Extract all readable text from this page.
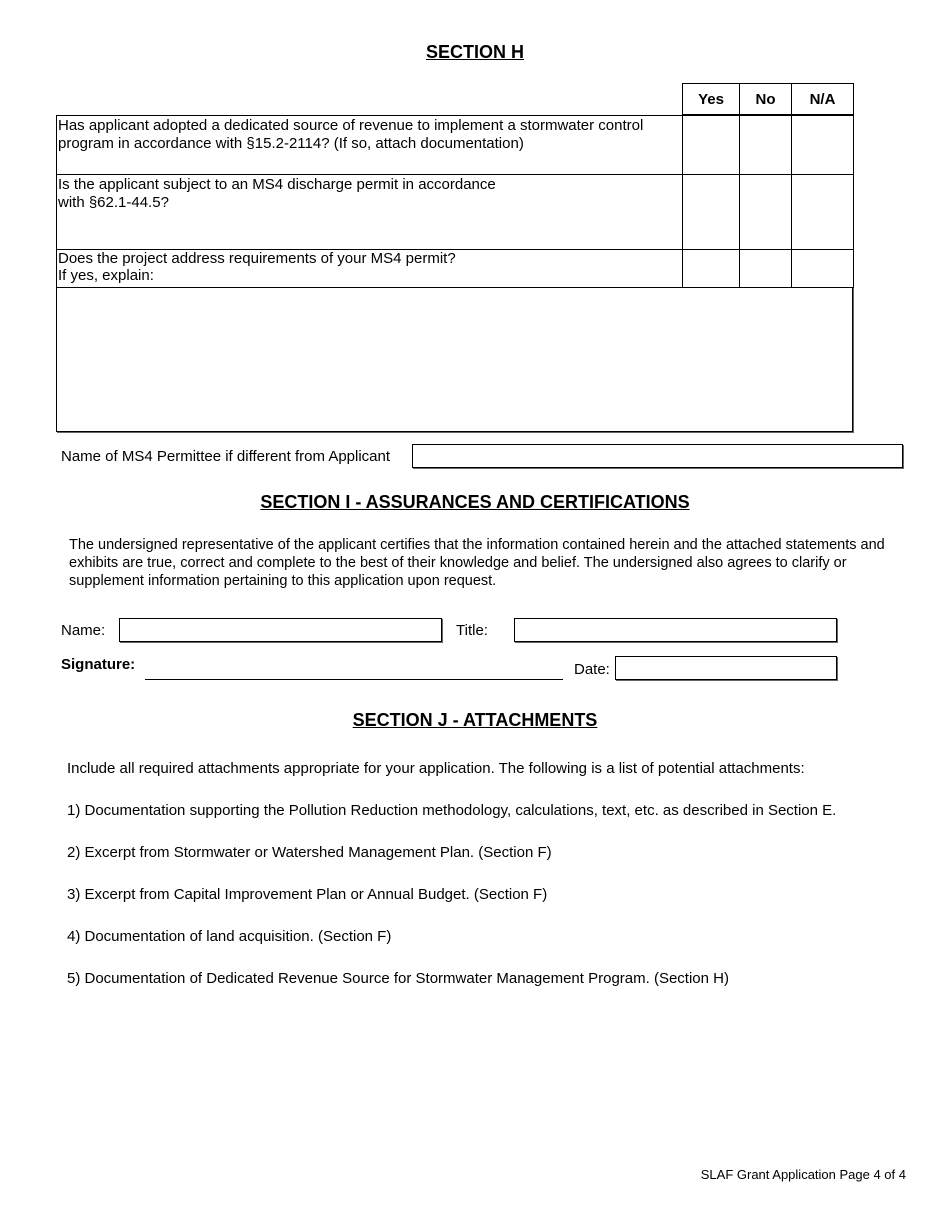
SECTION H
Yes	No	N/A
Has applicant adopted a dedicated source of revenue to implement a stormwater control
program in accordance with §15.2-2114? (If so, attach documentation)
Is the applicant subject to an MS4 discharge permit in accordance
with §62.1-44.5?
Does the project address requirements of your MS4 permit?
If yes, explain:
Name of MS4 Permittee if different from Applicant
SECTION I - ASSURANCES AND CERTIFICATIONS
The undersigned representative of the applicant certifies that the information contained herein and the attached statements and
exhibits are true, correct and complete to the best of their knowledge and belief. The undersigned also agrees to clarify or
supplement information pertaining to this application upon request.
Name:	Title:
Signature:	Date:
SECTION J - ATTACHMENTS
Include all required attachments appropriate for your application. The following is a list of potential attachments:
1) Documentation supporting the Pollution Reduction methodology, calculations, text, etc. as described in Section E.
2) Excerpt from Stormwater or Watershed Management Plan. (Section F)
3) Excerpt from Capital Improvement Plan or Annual Budget. (Section F)
4) Documentation of land acquisition. (Section F)
5) Documentation of Dedicated Revenue Source for Stormwater Management Program. (Section H)
SLAF Grant Application Page 4 of 4
